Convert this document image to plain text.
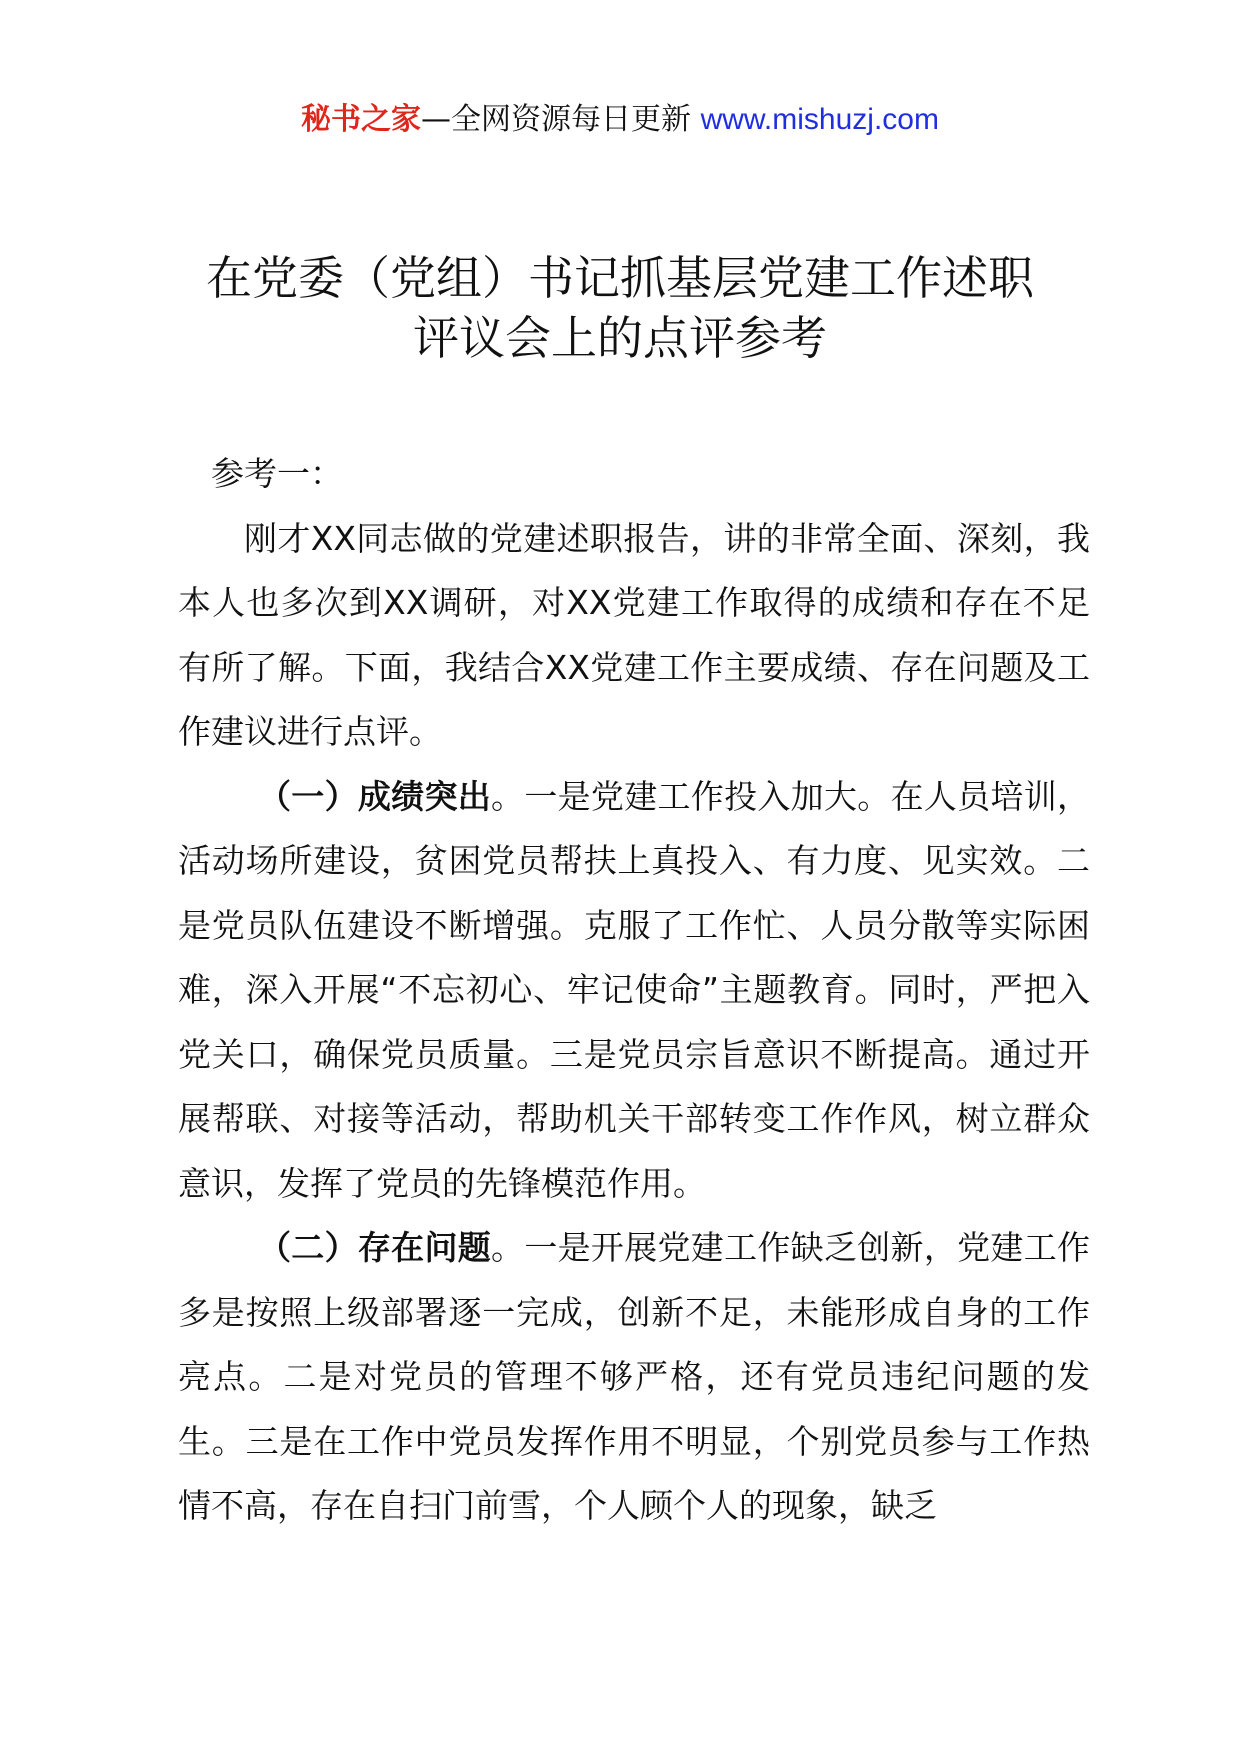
秘书之家—全网资源每日更新 www.mishuzj.com
在党委（党组）书记抓基层党建工作述职
评议会上的点评参考

参考一：

刚才XX同志做的党建述职报告，讲的非常全面、深刻，我本人也多次到XX调研，对XX党建工作取得的成绩和存在不足有所了解。下面，我结合XX党建工作主要成绩、存在问题及工作建议进行点评。

（一）成绩突出。一是党建工作投入加大。在人员培训，活动场所建设，贫困党员帮扶上真投入、有力度、见实效。二是党员队伍建设不断增强。克服了工作忙、人员分散等实际困难，深入开展“不忘初心、牢记使命”主题教育。同时，严把入党关口，确保党员质量。三是党员宗旨意识不断提高。通过开展帮联、对接等活动，帮助机关干部转变工作作风，树立群众意识，发挥了党员的先锋模范作用。

（二）存在问题。一是开展党建工作缺乏创新，党建工作多是按照上级部署逐一完成，创新不足，未能形成自身的工作亮点。二是对党员的管理不够严格，还有党员违纪问题的发生。三是在工作中党员发挥作用不明显，个别党员参与工作热情不高，存在自扫门前雪，个人顾个人的现象，缺乏
